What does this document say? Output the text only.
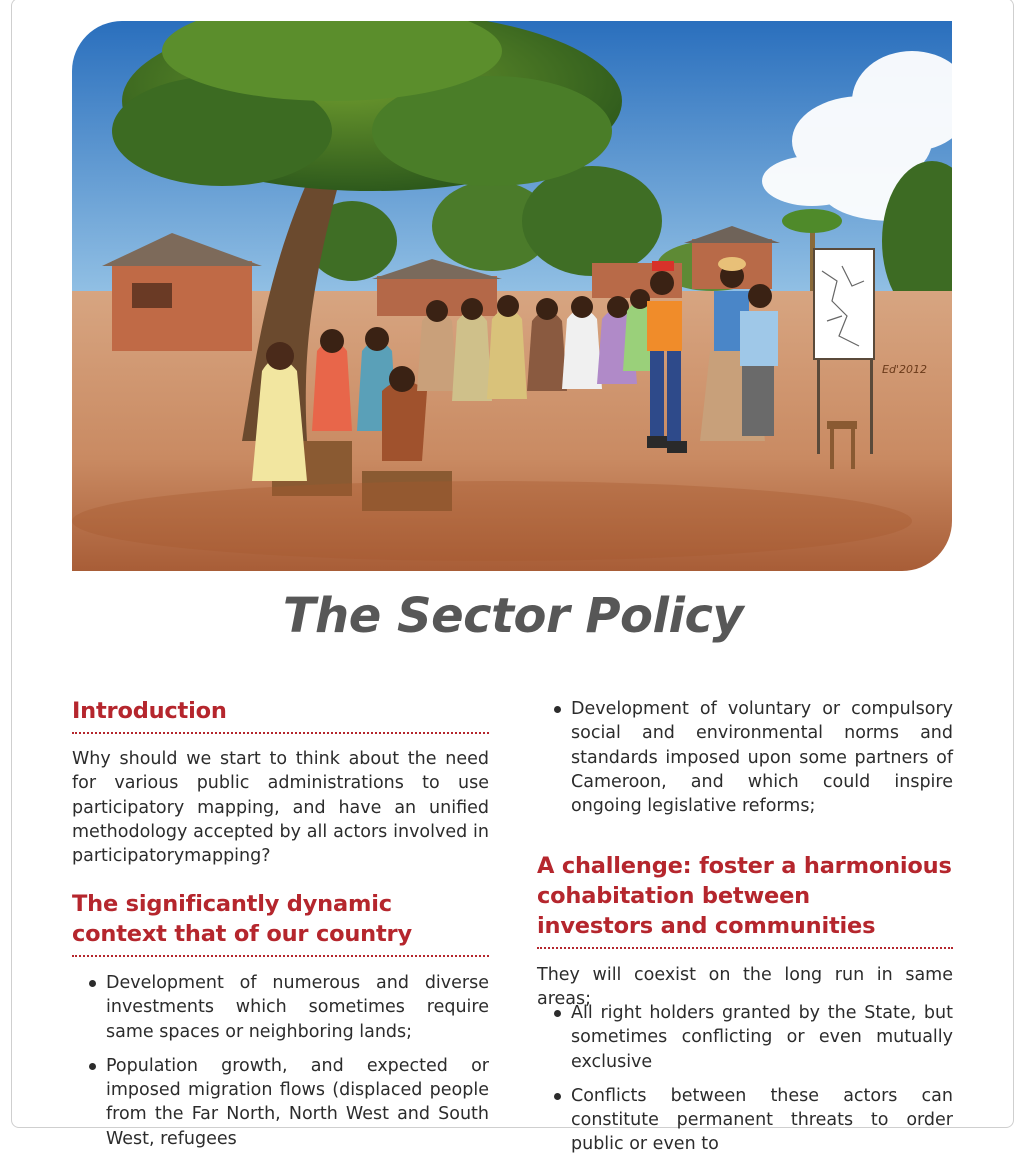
Ed'2012
The Sector Policy
Introduction
Why should we start to think about the need for various public administrations to use participatory mapping, and have an unified methodology accepted by all actors involved in participatorymapping?
The significantly dynamic
context that of our country
Development of numerous and diverse investments which sometimes require same spaces or neighboring lands;
Population growth, and expected or imposed migration flows (displaced people from the Far North, North West and South West, refugees
Development of voluntary or compulsory social and environmental norms and standards imposed upon some partners of Cameroon, and which could inspire ongoing legislative reforms;
A challenge: foster a harmonious
cohabitation between
investors and communities
They will coexist on the long run in same areas;
All right holders granted by the State, but sometimes conflicting or even mutually exclusive
Conflicts between these actors can constitute permanent threats to order public or even to
